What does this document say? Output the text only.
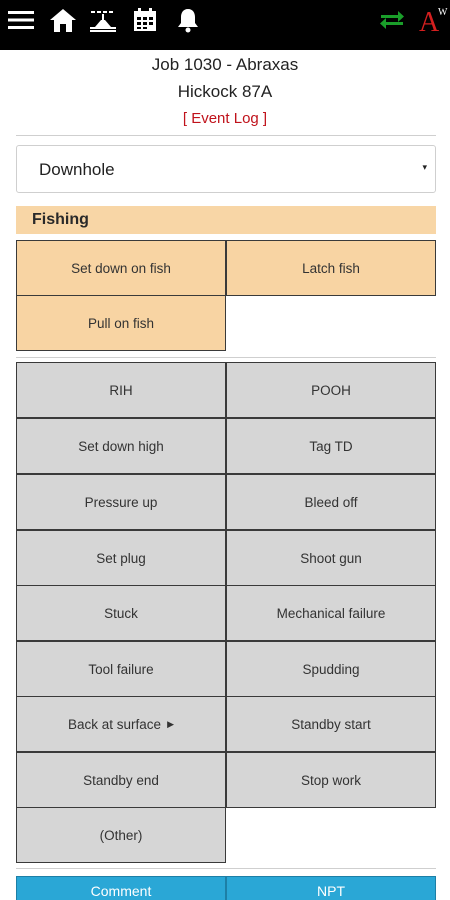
A
W
Job 1030 - Abraxas
Hickock 87A
[ Event Log ]
Downhole	▾
Fishing
Set down on fish	Latch fish
Pull on fish
RIH	POOH
Set down high	Tag TD
Pressure up	Bleed off
Set plug	Shoot gun
Stuck	Mechanical failure
Tool failure	Spudding
Back at surface ▶	Standby start
Standby end	Stop work
(Other)
Comment	NPT
